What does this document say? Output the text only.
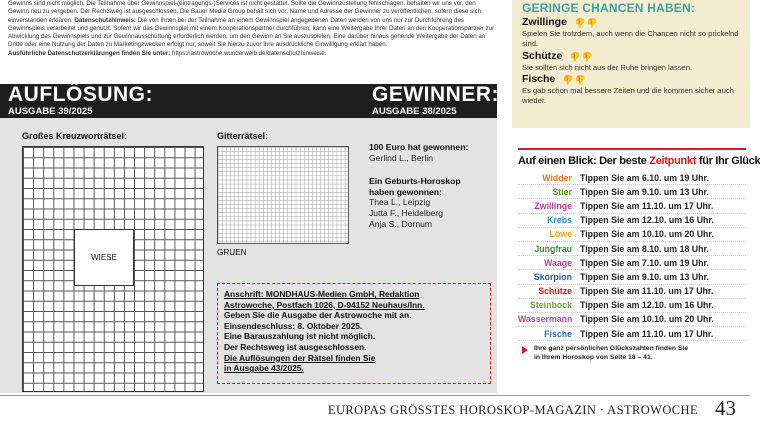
Gewinns sind nicht möglich. Die Teilnahme über Gewinnspiel-(eintragungs-)Services ist nicht gestattet. Sollte die Gewinnzustellung fehlschlagen, behalten wir uns vor, den Gewinn neu zu vergeben. Der Rechtsweg ist ausgeschlossen. Die Bauer Media Group behält sich vor, Name und Adresse der Gewinner zu veröffentlichen, sofern diese sich einverstanden erklären. Datenschutzhinweis: Die von Ihnen bei der Teilnahme an einem Gewinnspiel angegebenen Daten werden von uns nur zur Durchführung des Gewinnspiels verarbeitet und genutzt. Sofern wir das Gewinnspiel mit einem Kooperationspartner durchführen, kann eine Weitergabe Ihrer Daten an den Kooperationspartner zur Abwicklung des Gewinnspiels und zur Gewinnausschüttung erforderlich werden, um den Gewinn an Sie auszuspielen. Eine darüber hinaus gehende Weitergabe der Daten an Dritte oder eine Nutzung der Daten zu Marketingzwecken erfolgt nur, soweit Sie hierzu zuvor Ihre ausdrückliche Einwilligung erklärt haben.
Ausführliche Datenschutzerklärungen finden Sie unter: https://astrowoche.wunderweib.de/datenschutzhinweise.
AUFLÖSUNG:
AUSGABE 39/2025
GEWINNER:
AUSGABE 38/2025
Großes Kreuzworträtsel:
WIESE
Gitterrätsel:
GRUEN
100 Euro hat gewonnen:
Gerlind L., Berlin
Ein Geburts-Horoskop
haben gewonnen:
Thea L., Leipzig
Jutta F., Heidelberg
Anja S., Dornum
Anschrift: MONDHAUS-Medien GmbH, Redaktion
Astrowoche, Postfach 1026, D-94152 Neuhaus/Inn.
Geben Sie die Ausgabe der Astrowoche mit an.
Einsendeschluss: 8. Oktober 2025.
Eine Barauszahlung ist nicht möglich.
Der Rechtsweg ist ausgeschlossen.
Die Auflösungen der Rätsel finden Sie
in Ausgabe 43/2025.
GERINGE CHANCEN HABEN:
Zwillinge 👍 👍
Spielen Sie trotzdem, auch wenn die Chancen nicht so prickelnd sind.
Schütze 👍 👍
Sie sollten sich nicht aus der Ruhe bringen lassen.
Fische 👍 👍
Es gab schon mal bessere Zeiten und die kommen sicher auch wieder.
Auf einen Blick: Der beste Zeitpunkt für Ihr Glück
Widder Tippen Sie am 6.10. um 19 Uhr.
Stier Tippen Sie am 9.10. um 13 Uhr.
Zwillinge Tippen Sie am 11.10. um 17 Uhr.
Krebs Tippen Sie am 12.10. um 16 Uhr.
Löwe Tippen Sie am 10.10. um 20 Uhr.
Jungfrau Tippen Sie am 8.10. um 18 Uhr.
Waage Tippen Sie am 7.10. um 19 Uhr.
Skorpion Tippen Sie am 9.10. um 13 Uhr.
Schütze Tippen Sie am 11.10. um 17 Uhr.
Steinbock Tippen Sie am 12.10. um 16 Uhr.
Wassermann Tippen Sie am 10.10. um 20 Uhr.
Fische Tippen Sie am 11.10. um 17 Uhr.
Ihre ganz persönlichen Glückszahlen finden Sie
in Ihrem Horoskop von Seite 18 – 41.
EUROPAS GRÖSSTES HOROSKOP-MAGAZIN · ASTROWOCHE 43
